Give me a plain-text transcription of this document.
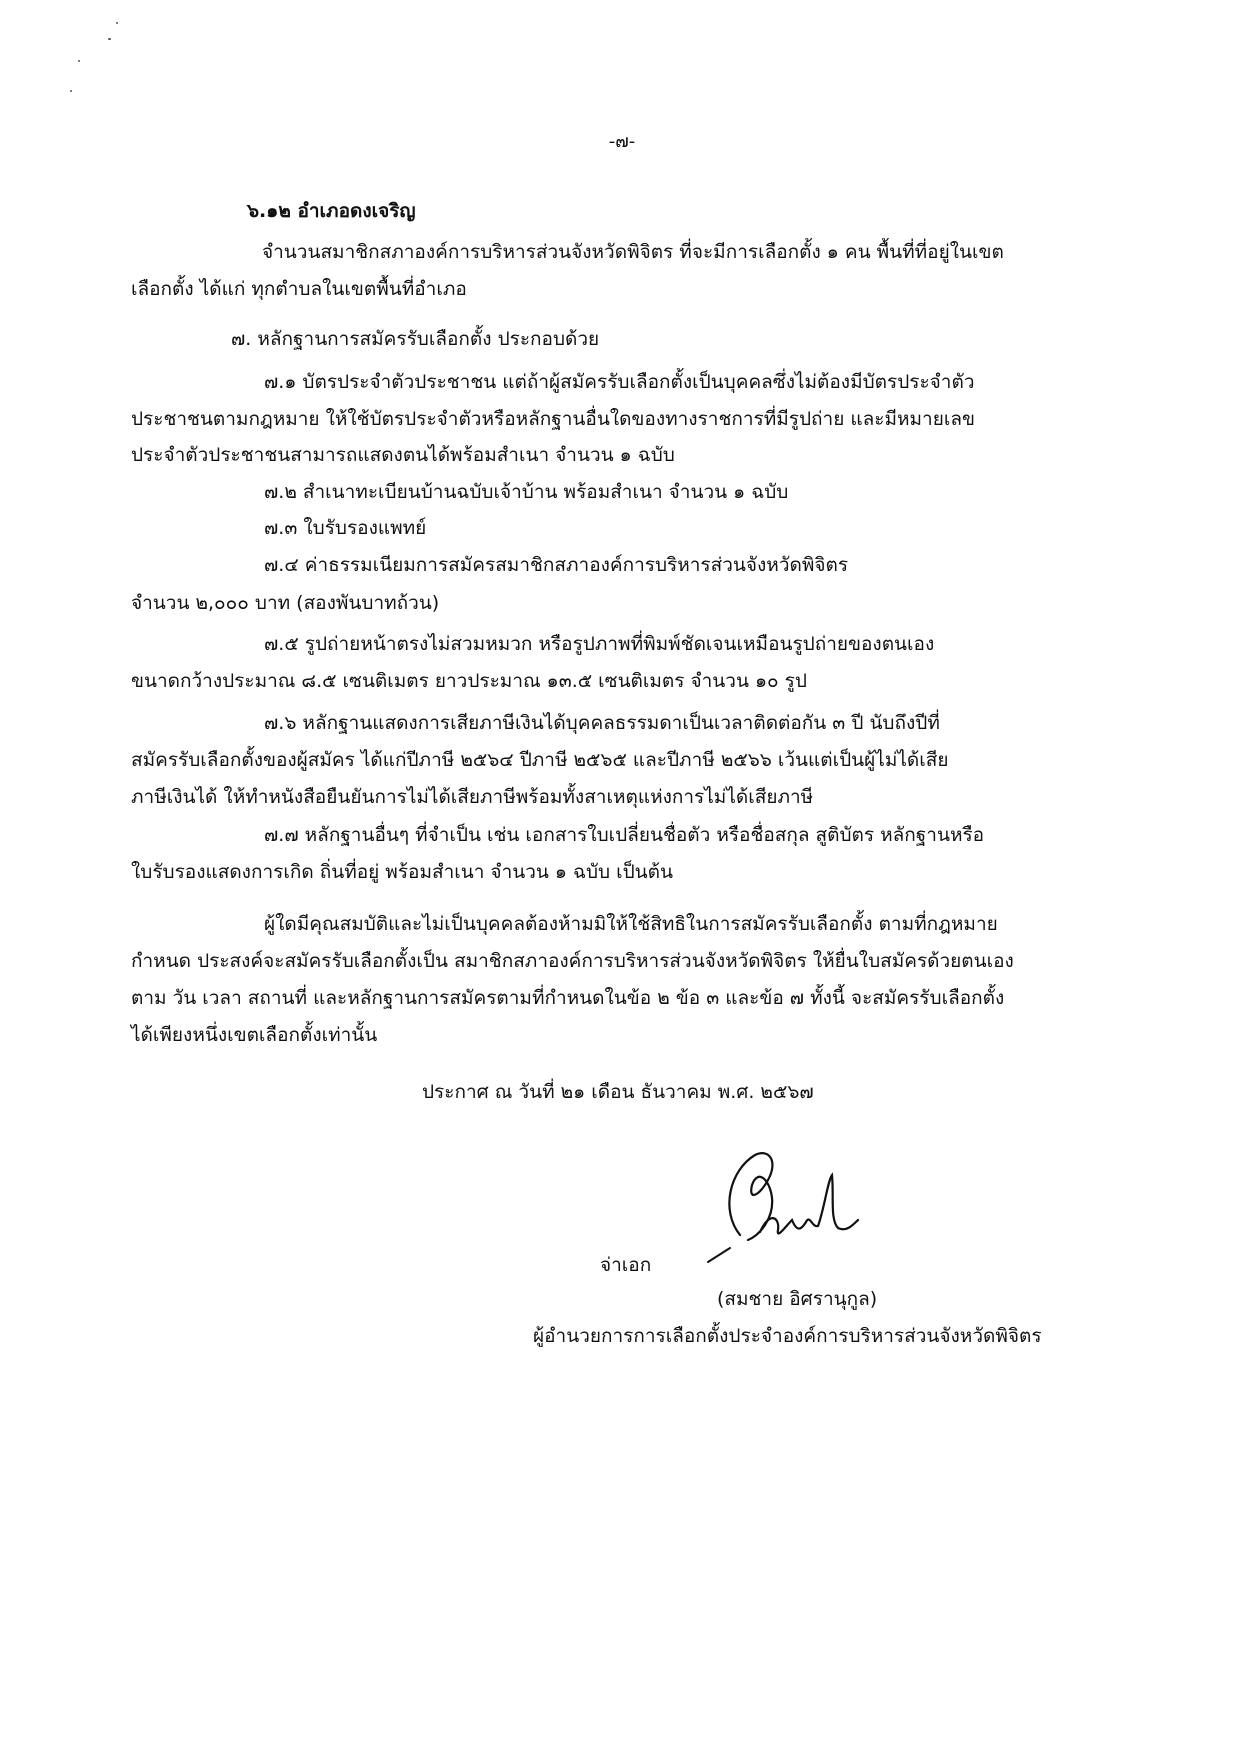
-๗-
๖.๑๒ อำเภอดงเจริญ
จำนวนสมาชิกสภาองค์การบริหารส่วนจังหวัดพิจิตร ที่จะมีการเลือกตั้ง ๑ คน พื้นที่ที่อยู่ในเขต
เลือกตั้ง ได้แก่ ทุกตำบลในเขตพื้นที่อำเภอ
๗. หลักฐานการสมัครรับเลือกตั้ง ประกอบด้วย
๗.๑ บัตรประจำตัวประชาชน แต่ถ้าผู้สมัครรับเลือกตั้งเป็นบุคคลซึ่งไม่ต้องมีบัตรประจำตัว
ประชาชนตามกฎหมาย ให้ใช้บัตรประจำตัวหรือหลักฐานอื่นใดของทางราชการที่มีรูปถ่าย และมีหมายเลข
ประจำตัวประชาชนสามารถแสดงตนได้พร้อมสำเนา จำนวน ๑ ฉบับ
๗.๒ สำเนาทะเบียนบ้านฉบับเจ้าบ้าน พร้อมสำเนา จำนวน ๑ ฉบับ
๗.๓ ใบรับรองแพทย์
๗.๔ ค่าธรรมเนียมการสมัครสมาชิกสภาองค์การบริหารส่วนจังหวัดพิจิตร
จำนวน ๒,๐๐๐ บาท (สองพันบาทถ้วน)
๗.๕ รูปถ่ายหน้าตรงไม่สวมหมวก หรือรูปภาพที่พิมพ์ชัดเจนเหมือนรูปถ่ายของตนเอง
ขนาดกว้างประมาณ ๘.๕ เซนติเมตร ยาวประมาณ ๑๓.๕ เซนติเมตร จำนวน ๑๐ รูป
๗.๖ หลักฐานแสดงการเสียภาษีเงินได้บุคคลธรรมดาเป็นเวลาติดต่อกัน ๓ ปี นับถึงปีที่
สมัครรับเลือกตั้งของผู้สมัคร ได้แก่ปีภาษี ๒๕๖๔ ปีภาษี ๒๕๖๕ และปีภาษี ๒๕๖๖ เว้นแต่เป็นผู้ไม่ได้เสีย
ภาษีเงินได้ ให้ทำหนังสือยืนยันการไม่ได้เสียภาษีพร้อมทั้งสาเหตุแห่งการไม่ได้เสียภาษี
๗.๗ หลักฐานอื่นๆ ที่จำเป็น เช่น เอกสารใบเปลี่ยนชื่อตัว หรือชื่อสกุล สูติบัตร หลักฐานหรือ
ใบรับรองแสดงการเกิด ถิ่นที่อยู่ พร้อมสำเนา จำนวน ๑ ฉบับ เป็นต้น
ผู้ใดมีคุณสมบัติและไม่เป็นบุคคลต้องห้ามมิให้ใช้สิทธิในการสมัครรับเลือกตั้ง ตามที่กฎหมาย
กำหนด ประสงค์จะสมัครรับเลือกตั้งเป็น สมาชิกสภาองค์การบริหารส่วนจังหวัดพิจิตร ให้ยื่นใบสมัครด้วยตนเอง
ตาม วัน เวลา สถานที่ และหลักฐานการสมัครตามที่กำหนดในข้อ ๒ ข้อ ๓ และข้อ ๗ ทั้งนี้ จะสมัครรับเลือกตั้ง
ได้เพียงหนึ่งเขตเลือกตั้งเท่านั้น
ประกาศ ณ วันที่ ๒๑ เดือน ธันวาคม พ.ศ. ๒๕๖๗
จ่าเอก
(สมชาย อิศรานุกูล)
ผู้อำนวยการการเลือกตั้งประจำองค์การบริหารส่วนจังหวัดพิจิตร
